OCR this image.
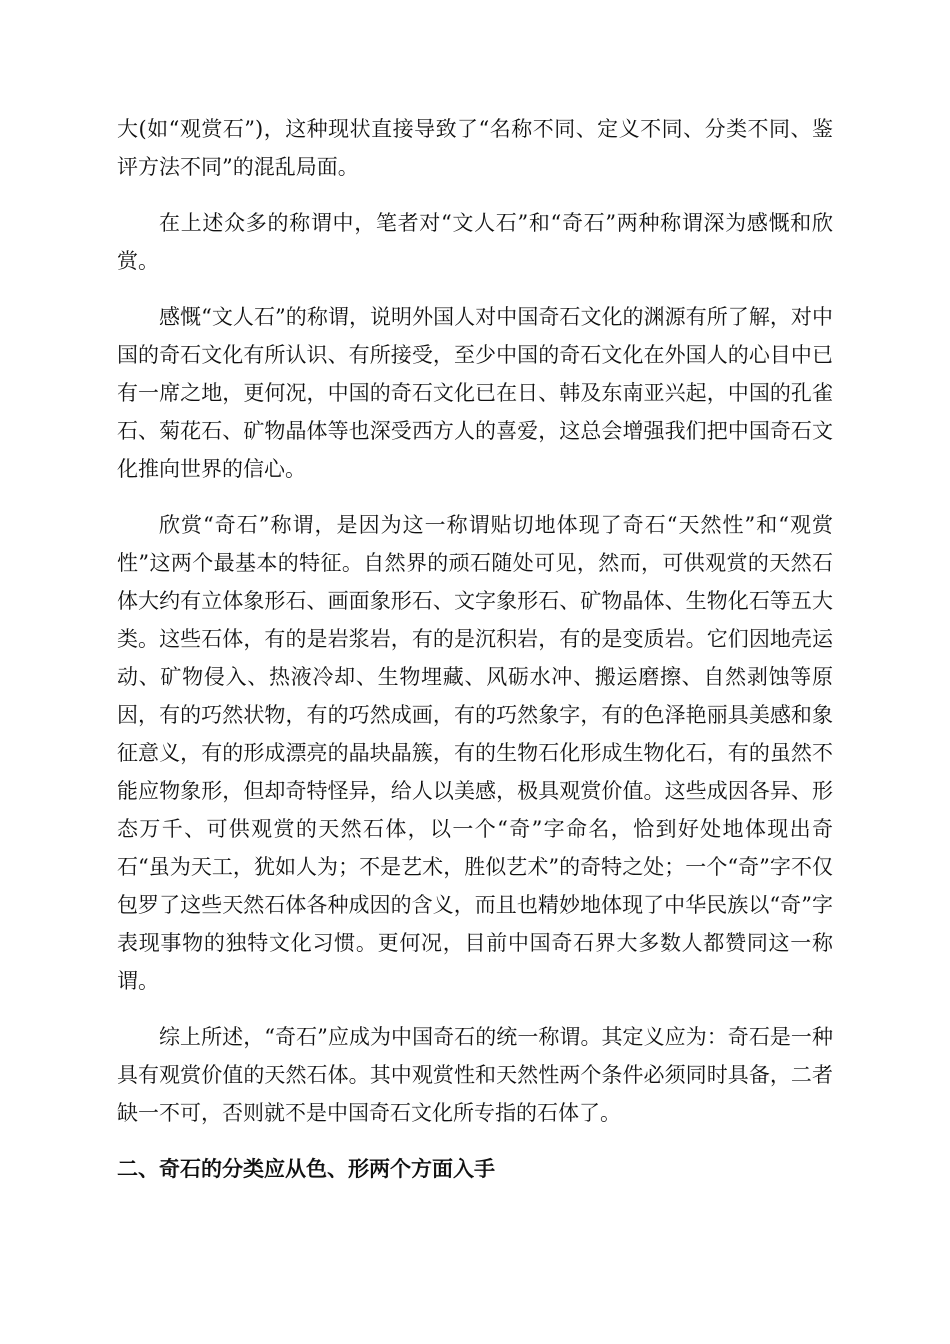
大(如“观赏石”)，这种现状直接导致了“名称不同、定义不同、分类不同、鉴评方法不同”的混乱局面。

在上述众多的称谓中，笔者对“文人石”和“奇石”两种称谓深为感慨和欣赏。

感慨“文人石”的称谓，说明外国人对中国奇石文化的渊源有所了解，对中国的奇石文化有所认识、有所接受，至少中国的奇石文化在外国人的心目中已有一席之地，更何况，中国的奇石文化已在日、韩及东南亚兴起，中国的孔雀石、菊花石、矿物晶体等也深受西方人的喜爱，这总会增强我们把中国奇石文化推向世界的信心。

欣赏“奇石”称谓，是因为这一称谓贴切地体现了奇石“天然性”和“观赏性”这两个最基本的特征。自然界的顽石随处可见，然而，可供观赏的天然石体大约有立体象形石、画面象形石、文字象形石、矿物晶体、生物化石等五大类。这些石体，有的是岩浆岩，有的是沉积岩，有的是变质岩。它们因地壳运动、矿物侵入、热液冷却、生物埋藏、风砺水冲、搬运磨擦、自然剥蚀等原因，有的巧然状物，有的巧然成画，有的巧然象字，有的色泽艳丽具美感和象征意义，有的形成漂亮的晶块晶簇，有的生物石化形成生物化石，有的虽然不能应物象形，但却奇特怪异，给人以美感，极具观赏价值。这些成因各异、形态万千、可供观赏的天然石体，以一个“奇”字命名，恰到好处地体现出奇石“虽为天工，犹如人为；不是艺术，胜似艺术”的奇特之处；一个“奇”字不仅包罗了这些天然石体各种成因的含义，而且也精妙地体现了中华民族以“奇”字表现事物的独特文化习惯。更何况，目前中国奇石界大多数人都赞同这一称谓。

综上所述，“奇石”应成为中国奇石的统一称谓。其定义应为：奇石是一种具有观赏价值的天然石体。其中观赏性和天然性两个条件必须同时具备，二者缺一不可，否则就不是中国奇石文化所专指的石体了。

二、奇石的分类应从色、形两个方面入手
